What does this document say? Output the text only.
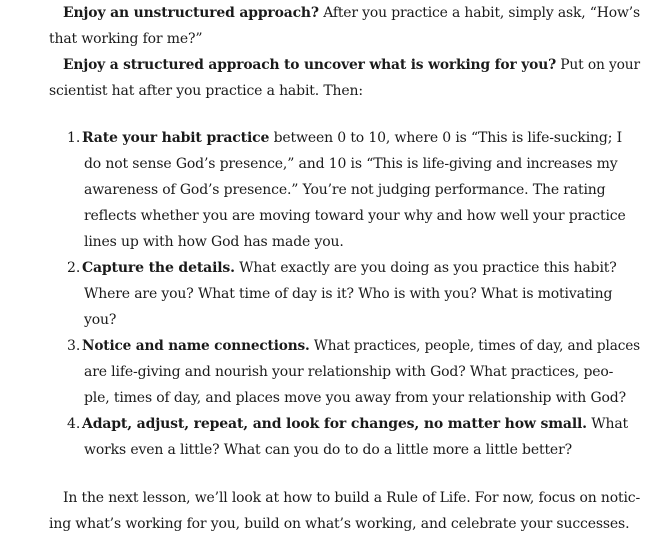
Enjoy an unstructured approach? After you practice a habit, simply ask, “How’s
that working for me?”
Enjoy a structured approach to uncover what is working for you? Put on your
scientist hat after you practice a habit. Then:
1. Rate your habit practice between 0 to 10, where 0 is “This is life-sucking; I
do not sense God’s presence,” and 10 is “This is life-giving and increases my
awareness of God’s presence.” You’re not judging performance. The rating
reflects whether you are moving toward your why and how well your practice
lines up with how God has made you.
2. Capture the details. What exactly are you doing as you practice this habit?
Where are you? What time of day is it? Who is with you? What is motivating
you?
3. Notice and name connections. What practices, people, times of day, and places
are life-giving and nourish your relationship with God? What practices, peo-
ple, times of day, and places move you away from your relationship with God?
4. Adapt, adjust, repeat, and look for changes, no matter how small. What
works even a little? What can you do to do a little more a little better?
In the next lesson, we’ll look at how to build a Rule of Life. For now, focus on notic-
ing what’s working for you, build on what’s working, and celebrate your successes.
